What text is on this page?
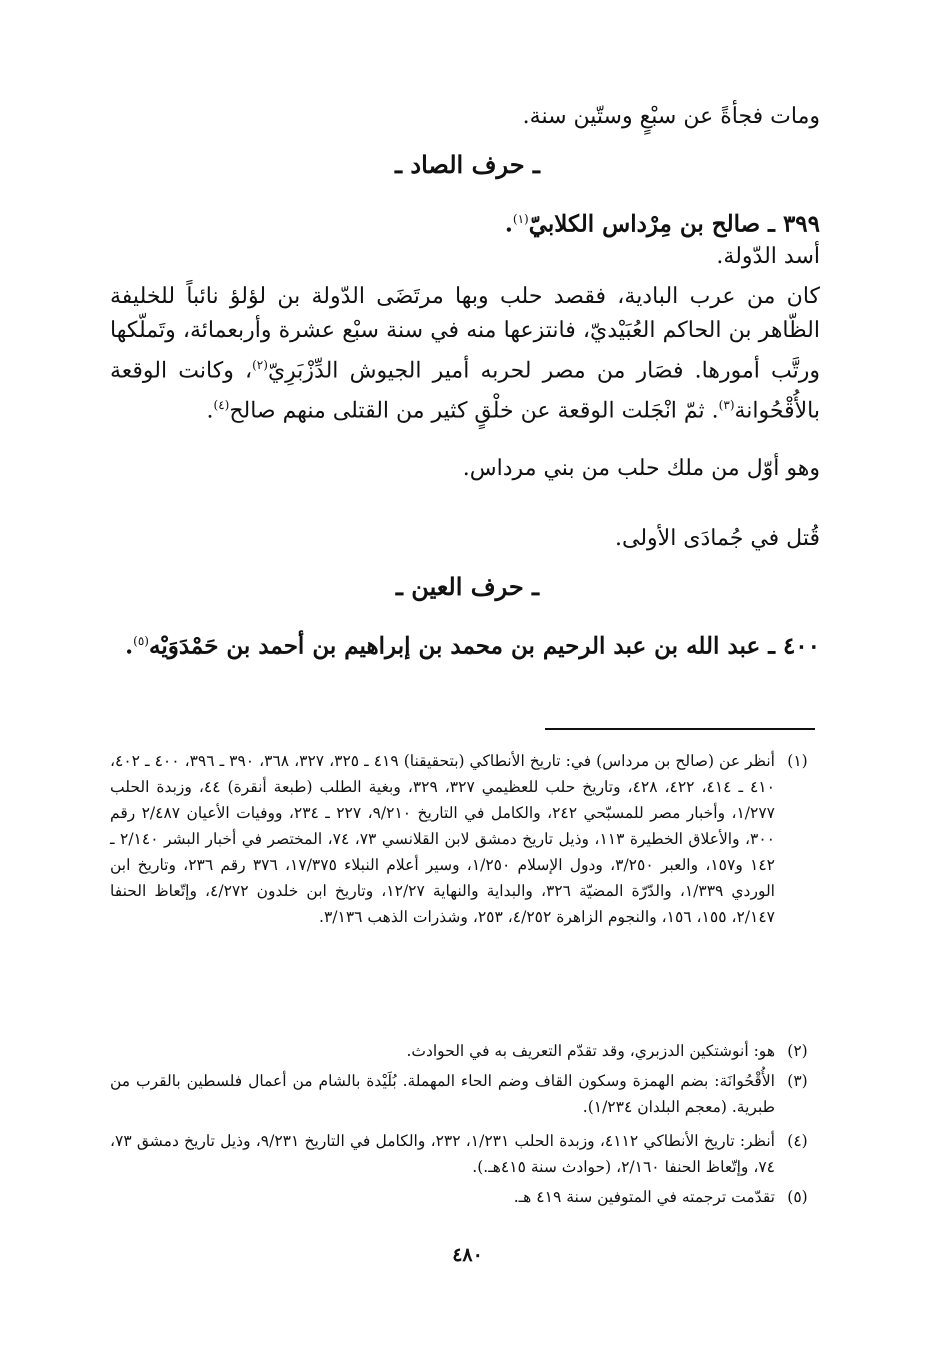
ومات فجأةً عن سبْعٍ وستّين سنة.

ـ حرف الصاد ـ

٣٩٩ ـ صالح بن مِرْداس الكلابيّ$^{(١)}$.

أسد الدّولة.

كان من عرب البادية، فقصد حلب وبها مرتَضَى الدّولة بن لؤلؤ نائباً للخليفة الظّاهر بن الحاكم العُبَيْديّ، فانتزعها منه في سنة سبْع عشرة وأربعمائة، وتَملّكها ورتَّب أمورها. فصَار من مصر لحربه أمير الجيوش الدِّزْبَرِيّ$^{(٢)}$، وكانت الوقعة بالأُقْحُوانة$^{(٣)}$. ثمّ انْجَلت الوقعة عن خلْقٍ كثير من القتلى منهم صالح$^{(٤)}$.

وهو أوّل من ملك حلب من بني مرداس.

قُتل في جُمادَى الأولى.

ـ حرف العين ـ

٤٠٠ ـ عبد الله بن عبد الرحيم بن محمد بن إبراهيم بن أحمد بن حَمْدَوَيْه$^{(٥)}$.

(١)
أنظر عن (صالح بن مرداس) في: تاريخ الأنطاكي (بتحقيقنا) ٤١٩ ـ ٣٢٥، ٣٢٧، ٣٦٨، ٣٩٠ ـ ٣٩٦، ٤٠٠ ـ ٤٠٢، ٤١٠ ـ ٤١٤، ٤٢٢، ٤٢٨، وتاريخ حلب للعظيمي ٣٢٧، ٣٢٩، وبغية الطلب (طبعة أنقرة) ٤٤، وزبدة الحلب ١/٢٧٧، وأخبار مصر للمسبّحي ٢٤٢، والكامل في التاريخ ٩/٢١٠، ٢٢٧ ـ ٢٣٤، ووفيات الأعيان ٢/٤٨٧ رقم ٣٠٠، والأعلاق الخطيرة ١١٣، وذيل تاريخ دمشق لابن القلانسي ٧٣، ٧٤، المختصر في أخبار البشر ٢/١٤٠ ـ ١٤٢ و١٥٧، والعبر ٣/٢٥٠، ودول الإسلام ١/٢٥٠، وسير أعلام النبلاء ١٧/٣٧٥، ٣٧٦ رقم ٢٣٦، وتاريخ ابن الوردي ١/٣٣٩، والدّرّة المضيّة ٣٢٦، والبداية والنهاية ١٢/٢٧، وتاريخ ابن خلدون ٤/٢٧٢، وإتّعاظ الحنفا ٢/١٤٧، ١٥٥، ١٥٦، والنجوم الزاهرة ٤/٢٥٢، ٢٥٣، وشذرات الذهب ٣/١٣٦.
(٢)
هو: أنوشتكين الدزبري، وقد تقدّم التعريف به في الحوادث.
(٣)
الأُقْحُوانَة: بضم الهمزة وسكون القاف وضم الحاء المهملة. بُلَيْدة بالشام من أعمال فلسطين بالقرب من طبرية. (معجم البلدان ١/٢٣٤).
(٤)
أنظر: تاريخ الأنطاكي ٤١١٢، وزبدة الحلب ١/٢٣١، ٢٣٢، والكامل في التاريخ ٩/٢٣١، وذيل تاريخ دمشق ٧٣، ٧٤، وإتّعاظ الحنفا ٢/١٦٠، (حوادث سنة ٤١٥هـ.).
(٥)
تقدّمت ترجمته في المتوفين سنة ٤١٩ هـ.

٤٨٠
